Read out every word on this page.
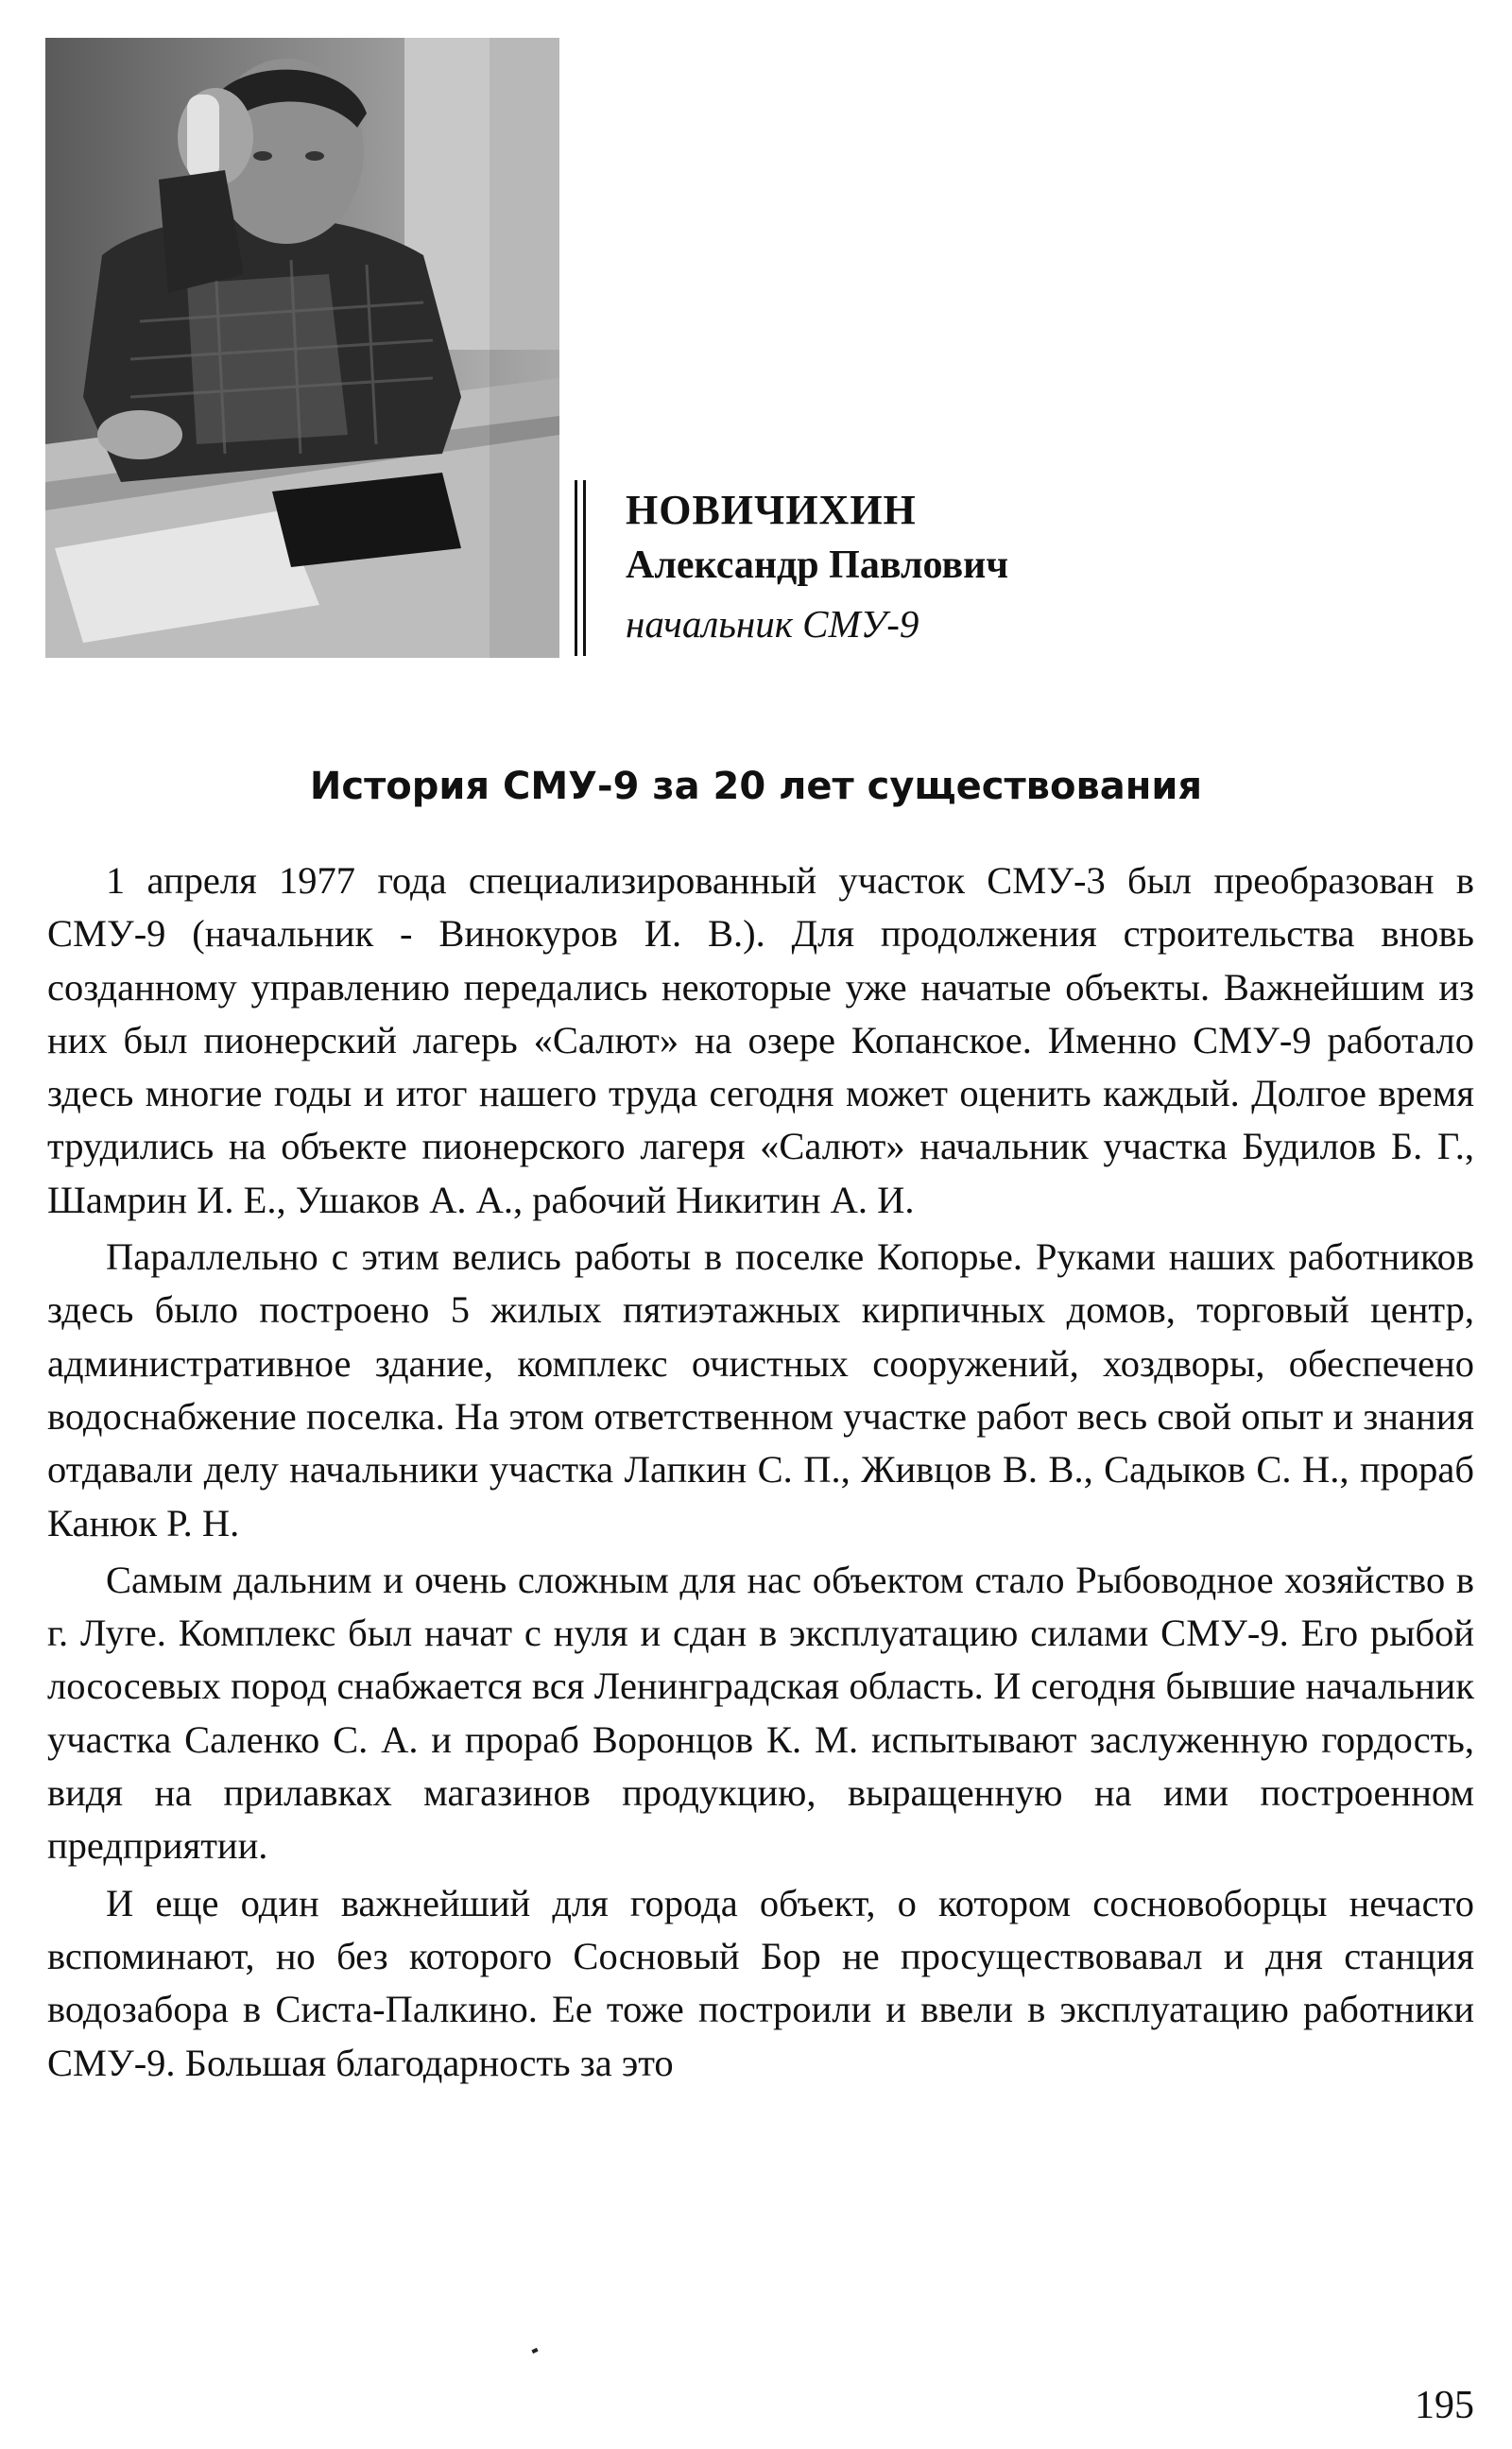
НОВИЧИХИН

Александр Павлович

начальник СМУ-9

История СМУ-9 за 20 лет существования

1 апреля 1977 года специализированный участок СМУ-3 был преобразован в СМУ-9 (начальник - Винокуров И. В.). Для продолжения строительства вновь созданному управлению передались некоторые уже начатые объекты. Важнейшим из них был пионерский лагерь «Салют» на озере Копанское. Именно СМУ-9 работало здесь многие годы и итог нашего труда сегодня может оценить каждый. Долгое время трудились на объекте пионерского лагеря «Салют» начальник участка Будилов Б. Г., Шамрин И. Е., Ушаков А. А., рабочий Никитин А. И.

Параллельно с этим велись работы в поселке Копорье. Руками наших работников здесь было построено 5 жилых пятиэтажных кирпичных домов, торговый центр, административное здание, комплекс очистных сооружений, хоздворы, обеспечено водоснабжение поселка. На этом ответственном участке работ весь свой опыт и знания отдавали делу начальники участка Лапкин С. П., Живцов В. В., Садыков С. Н., прораб Канюк Р. Н.

Самым дальним и очень сложным для нас объектом стало Рыбоводное хозяйство в г. Луге. Комплекс был начат с нуля и сдан в эксплуатацию силами СМУ-9. Его рыбой лососевых пород снабжается вся Ленинградская область. И сегодня бывшие начальник участка Саленко С. А. и прораб Воронцов К. М. испытывают заслуженную гордость, видя на прилавках магазинов продукцию, выращенную на ими построенном предприятии.

И еще один важнейший для города объект, о котором сосновоборцы нечасто вспоминают, но без которого Сосновый Бор не просуществовавал и дня станция водозабора в Систа-Палкино. Ее тоже построили и ввели в эксплуатацию работники СМУ-9. Большая благодарность за это

195
